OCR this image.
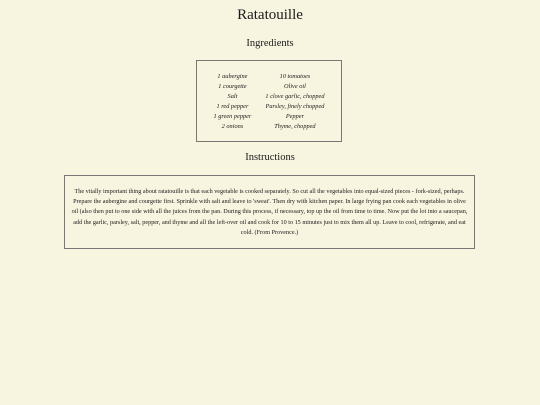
Ratatouille
Ingredients
1 aubergine
1 courgette
Salt
1 red pepper
1 green pepper
2 onions
10 tomatoes
Olive oil
1 clove garlic, chopped
Parsley, finely chopped
Pepper
Thyme, chopped
Instructions

The vitally important thing about ratatouille is that each vegetable is cooked separately. So cut all the vegetables into equal-sized pieces - fork-sized, perhaps. Prepare the aubergine and courgette first. Sprinkle with salt and leave to 'sweat'. Then dry with kitchen paper. In large frying pan cook each vegetables in olive oil (also then put to one side with all the juices from the pan. During this process, if necessary, top up the oil from time to time. Now put the lot into a saucepan, add the garlic, parsley, salt, pepper, and thyme and all the left-over oil and cook for 10 to 15 minutes just to mix them all up. Leave to cool, refrigerate, and eat cold. (From Provence.)
